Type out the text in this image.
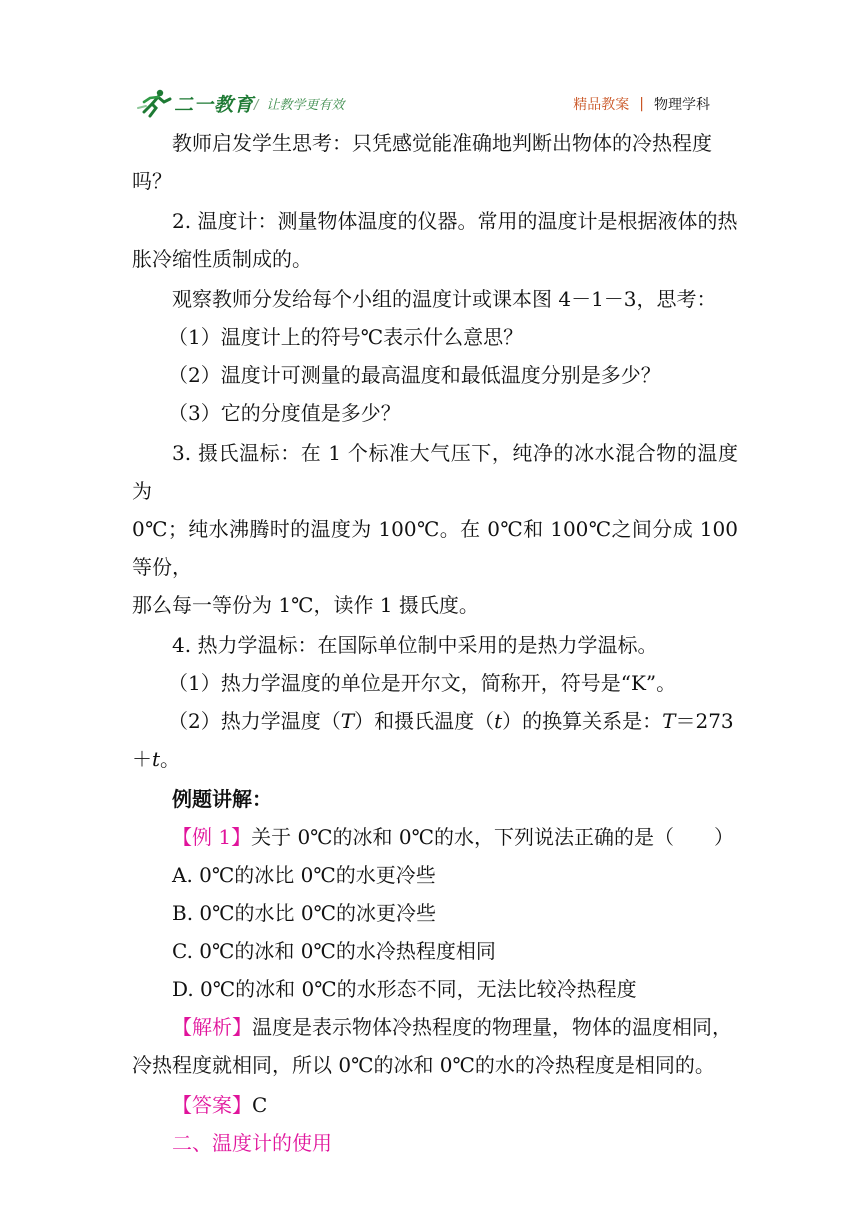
二一教育 / 让教学更有效	精品教案 | 物理学科

教师启发学生思考：只凭感觉能准确地判断出物体的冷热程度

吗？

2. 温度计：测量物体温度的仪器。常用的温度计是根据液体的热

胀冷缩性质制成的。

观察教师分发给每个小组的温度计或课本图 4－1－3，思考：

（1）温度计上的符号℃表示什么意思？

（2）温度计可测量的最高温度和最低温度分别是多少？

（3）它的分度值是多少？

3. 摄氏温标：在 1 个标准大气压下，纯净的冰水混合物的温度为

0℃；纯水沸腾时的温度为 100℃。在 0℃和 100℃之间分成 100 等份，

那么每一等份为 1℃，读作 1 摄氏度。

4. 热力学温标：在国际单位制中采用的是热力学温标。

（1）热力学温度的单位是开尔文，简称开，符号是“K”。

（2）热力学温度（T）和摄氏温度（t）的换算关系是：T＝273

＋t。

例题讲解：

【例 1】关于 0℃的冰和 0℃的水，下列说法正确的是（　　）

A. 0℃的冰比 0℃的水更冷些

B. 0℃的水比 0℃的冰更冷些

C. 0℃的冰和 0℃的水冷热程度相同

D. 0℃的冰和 0℃的水形态不同，无法比较冷热程度

【解析】温度是表示物体冷热程度的物理量，物体的温度相同，

冷热程度就相同，所以 0℃的冰和 0℃的水的冷热程度是相同的。

【答案】C

二、温度计的使用
